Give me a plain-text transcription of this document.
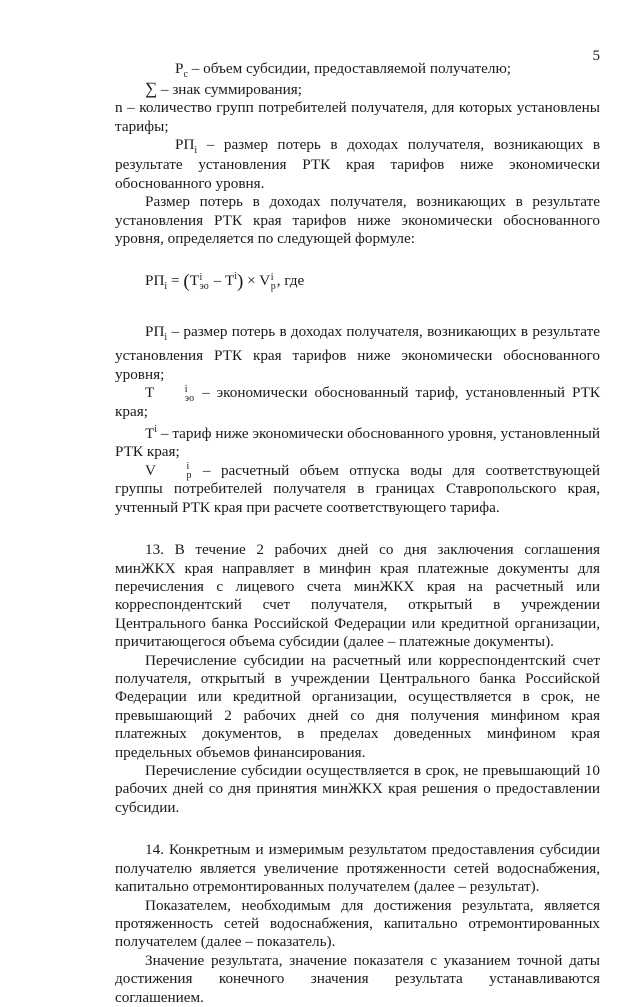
5

$Р_с$ – объем субсидии, предоставляемой получателю;

∑ – знак суммирования;

n – количество групп потребителей получателя, для которых установлены тарифы;

$РП_i$ – размер потерь в доходах получателя, возникающих в результате установления РТК края тарифов ниже экономически обоснованного уровня.

Размер потерь в доходах получателя, возникающих в результате установления РТК края тарифов ниже экономически обоснованного уровня, определяется по следующей формуле:

$РП_i = (Т$ i
эо – $Т^i) \times V$ i
р , где

$РП_i$ – размер потерь в доходах получателя, возникающих в результате установления РТК края тарифов ниже экономически обоснованного уровня;

Т	i
эо – экономически обоснованный тариф, установленный РТК края;

$Т^i$ – тариф ниже экономически обоснованного уровня, установленный РТК края;

V	i
р – расчетный объем отпуска воды для соответствующей группы потребителей получателя в границах Ставропольского края, учтенный РТК края при расчете соответствующего тарифа.

13. В течение 2 рабочих дней со дня заключения соглашения минЖКХ края направляет в минфин края платежные документы для перечисления с лицевого счета минЖКХ края на расчетный или корреспондентский счет получателя, открытый в учреждении Центрального банка Российской Федерации или кредитной организации, причитающегося объема субсидии (далее – платежные документы).

Перечисление субсидии на расчетный или корреспондентский счет получателя, открытый в учреждении Центрального банка Российской Федерации или кредитной организации, осуществляется в срок, не превышающий 2 рабочих дней со дня получения минфином края платежных документов, в пределах доведенных минфином края предельных объемов финансирования.

Перечисление субсидии осуществляется в срок, не превышающий 10 рабочих дней со дня принятия минЖКХ края решения о предоставлении субсидии.

14. Конкретным и измеримым результатом предоставления субсидии получателю является увеличение протяженности сетей водоснабжения, капитально отремонтированных получателем (далее – результат).

Показателем, необходимым для достижения результата, является протяженность сетей водоснабжения, капитально отремонтированных получателем (далее – показатель).

Значение результата, значение показателя с указанием точной даты достижения конечного значения результата устанавливаются соглашением.
